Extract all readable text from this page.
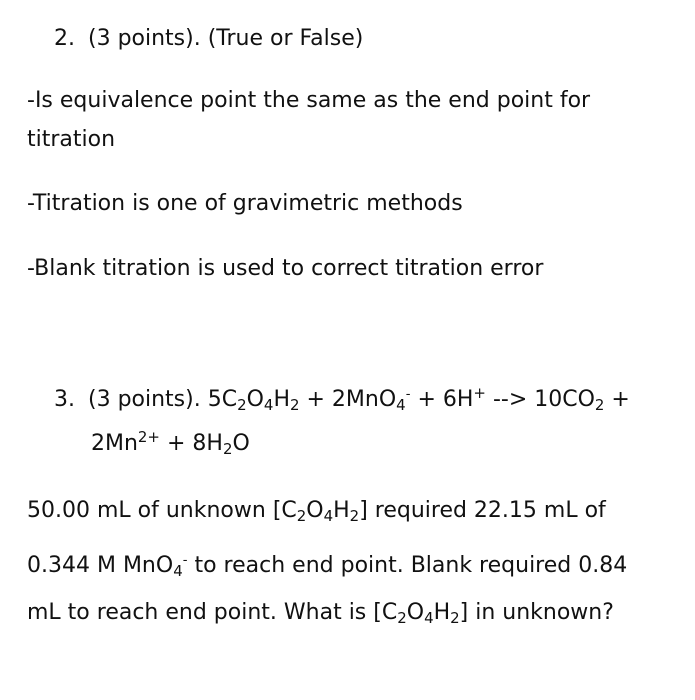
2. (3 points). (True or False)
-Is equivalence point the same as the end point for
titration
-Titration is one of gravimetric methods
-Blank titration is used to correct titration error
3. (3 points). $5C_2O_4H_2 + 2MnO_4^- + 6H^+$ --> $10CO_2$ +
$2Mn^{2+} + 8H_2O$
50.00 mL of unknown $[C_2O_4H_2]$ required 22.15 mL of
0.344 M MnO$_4$- to reach end point. Blank required 0.84
mL to reach end point. What is $[C_2O_4H_2]$ in unknown?
